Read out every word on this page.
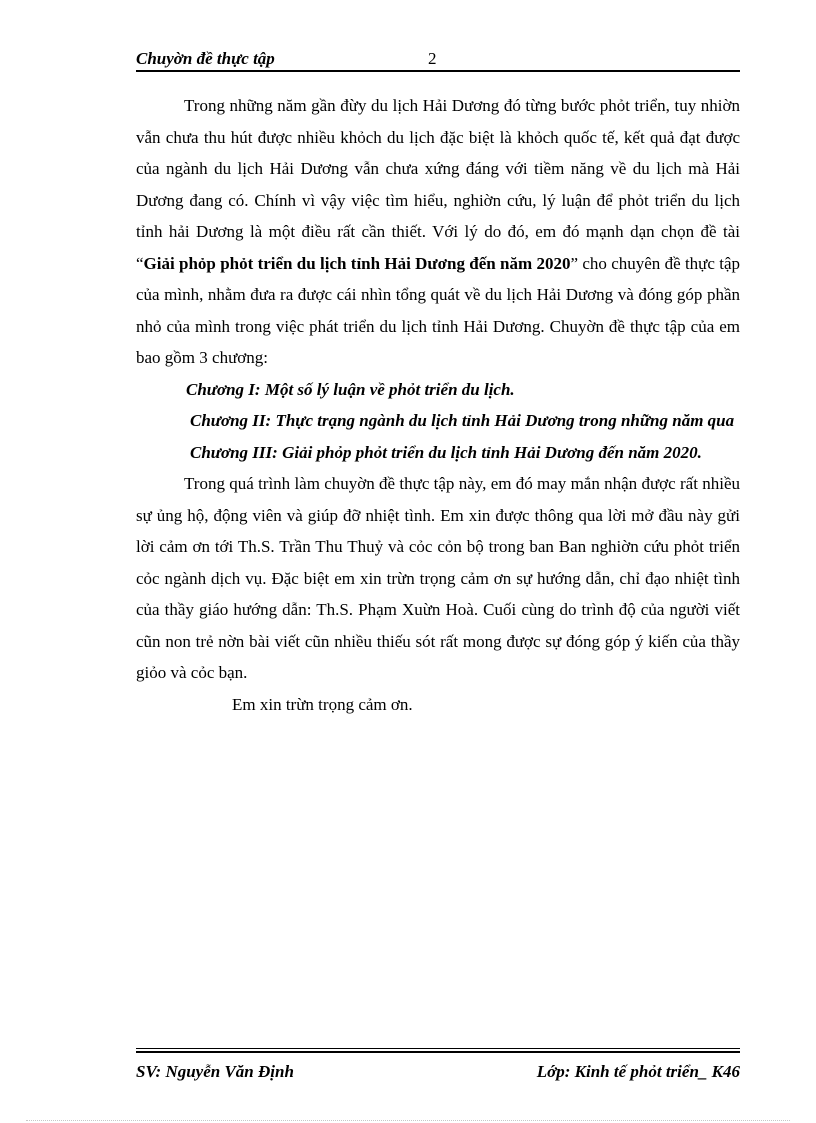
Chuyờn đề thực tập	2

Trong những năm gần đừy du lịch Hải Dương đó từng bước phỏt triển, tuy nhiờn vẫn chưa thu hút được nhiều khỏch du lịch đặc biệt là khỏch quốc tế, kết quả đạt được của ngành du lịch Hải Dương vẫn chưa xứng đáng với tiềm năng về du lịch mà Hải Dương đang có. Chính vì vậy việc tìm hiểu, nghiờn cứu, lý luận để phỏt triển du lịch tỉnh hải Dương là một điều rất cần thiết. Với lý do đó, em đó mạnh dạn chọn đề tài “Giải phỏp phỏt triển du lịch tỉnh Hải Dương đến năm 2020” cho chuyên đề thực tập của mình, nhằm đưa ra được cái nhìn tổng quát về du lịch Hải Dương và đóng góp phần nhỏ của mình trong việc phát triển du lịch tỉnh Hải Dương. Chuyờn đề thực tập của em bao gồm 3 chương:

Chương I: Một số lý luận về phỏt triển du lịch.

Chương II: Thực trạng ngành du lịch tỉnh Hải Dương trong những năm qua

Chương III: Giải phỏp phỏt triển du lịch tỉnh Hải Dương đến năm 2020.

Trong quá trình làm chuyờn đề thực tập này, em đó may mắn nhận được rất nhiều sự ủng hộ, động viên và giúp đỡ nhiệt tình. Em xin được thông qua lời mở đầu này gửi lời cảm ơn tới Th.S. Trần Thu Thuỷ và cỏc cỏn bộ trong ban Ban nghiờn cứu phỏt triển cỏc ngành dịch vụ. Đặc biệt em xin trừn trọng cảm ơn sự hướng dẫn, chỉ đạo nhiệt tình của thầy giáo hướng dẫn: Th.S. Phạm Xuừn Hoà. Cuối cùng do trình độ của người viết cũn non trẻ nờn bài viết cũn nhiều thiếu sót rất mong được sự đóng góp ý kiến của thầy giỏo và cỏc bạn.

Em xin trừn trọng cảm ơn.

SV: Nguyễn Văn Định	Lớp: Kinh tế phỏt triển_ K46
